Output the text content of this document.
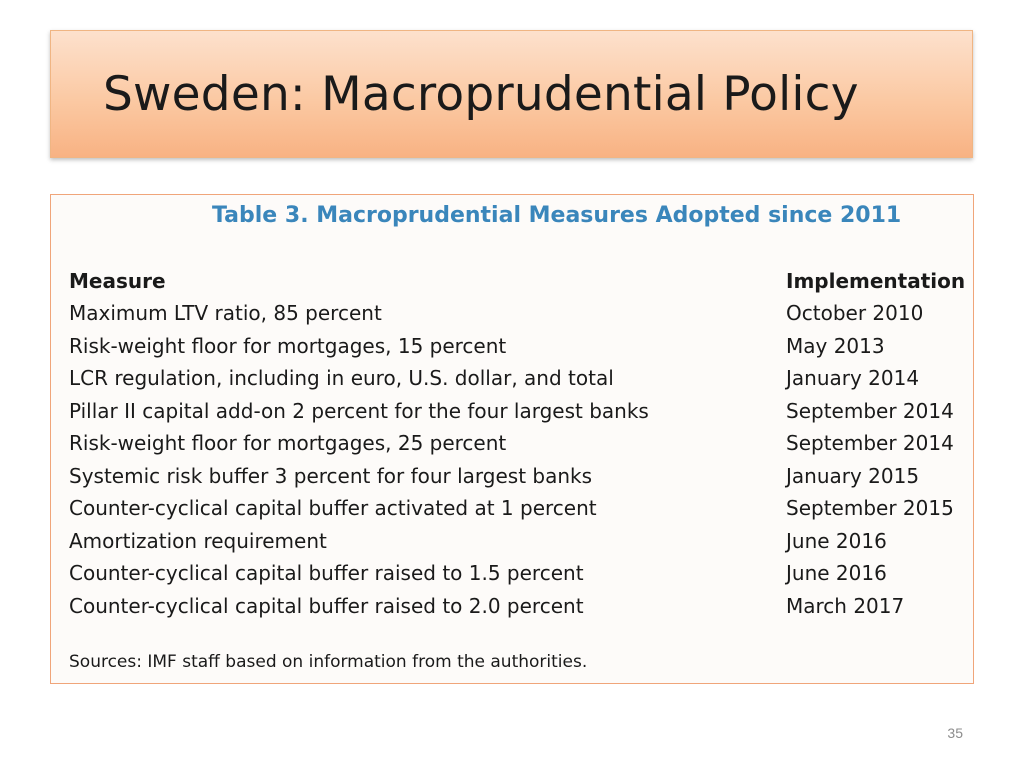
Sweden: Macroprudential Policy
Table 3. Macroprudential Measures Adopted since 2011
Measure	Implementation
Maximum LTV ratio, 85 percent	October 2010
Risk-weight floor for mortgages, 15 percent	May 2013
LCR regulation, including in euro, U.S. dollar, and total	January 2014
Pillar II capital add-on 2 percent for the four largest banks	September 2014
Risk-weight floor for mortgages, 25 percent	September 2014
Systemic risk buffer 3 percent for four largest banks	January 2015
Counter-cyclical capital buffer activated at 1 percent	September 2015
Amortization requirement	June 2016
Counter-cyclical capital buffer raised to 1.5 percent	June 2016
Counter-cyclical capital buffer raised to 2.0 percent	March 2017

Sources: IMF staff based on information from the authorities.

35
